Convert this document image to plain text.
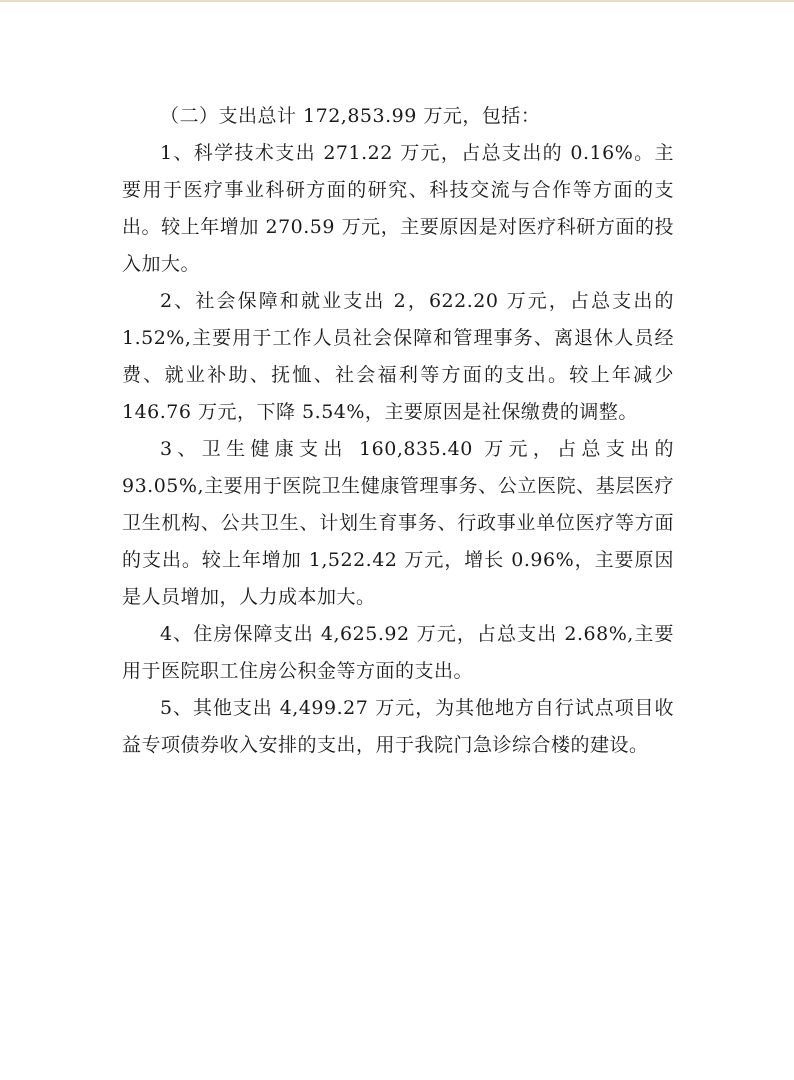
（二）支出总计 172,853.99 万元，包括：

1、科学技术支出 271.22 万元，占总支出的 0.16%。主要用于医疗事业科研方面的研究、科技交流与合作等方面的支出。较上年增加 270.59 万元，主要原因是对医疗科研方面的投入加大。

2、社会保障和就业支出 2，622.20 万元，占总支出的 1.52%,主要用于工作人员社会保障和管理事务、离退休人员经费、就业补助、抚恤、社会福利等方面的支出。较上年减少 146.76 万元，下降 5.54%，主要原因是社保缴费的调整。

3、卫生健康支出 160,835.40 万元，占总支出的 93.05%,主要用于医院卫生健康管理事务、公立医院、基层医疗卫生机构、公共卫生、计划生育事务、行政事业单位医疗等方面的支出。较上年增加 1,522.42 万元，增长 0.96%，主要原因是人员增加，人力成本加大。

4、住房保障支出 4,625.92 万元，占总支出 2.68%,主要用于医院职工住房公积金等方面的支出。

5、其他支出 4,499.27 万元，为其他地方自行试点项目收益专项债券收入安排的支出，用于我院门急诊综合楼的建设。
